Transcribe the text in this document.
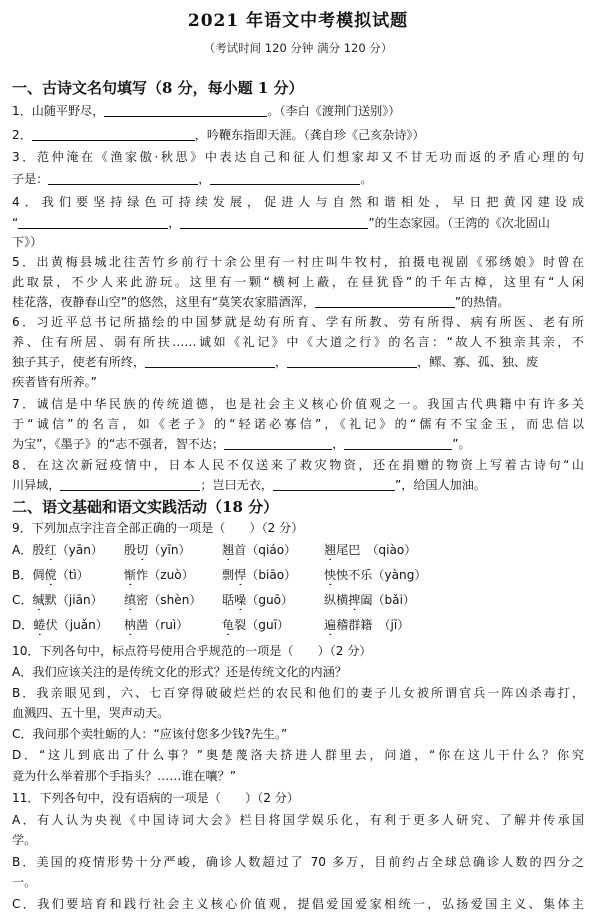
2021 年语文中考模拟试题
（考试时间 120 分钟 满分 120 分）
一、古诗文名句填写（8 分，每小题 1 分）
1．山随平野尽，	。（李白《渡荆门送别》）
2．	，吟鞭东指即天涯。（龚自珍《己亥杂诗》）
3．范仲淹在《渔家傲·秋思》中表达自己和征人们想家却又不甘无功而返的矛盾心理的句
子是：	，	。
4．我们要坚持绿色可持续发展，促进人与自然和谐相处，早日把黄冈建设成
“	，	”的生态家园。（王湾的《次北固山
下》）
5．出黄梅县城北往苦竹乡前行十余公里有一村庄叫牛牧村，拍摄电视剧《邪绣娘》时曾在
此取景，不少人来此游玩。这里有一颗“横柯上蔽，在昼犹昏”的千年古樟，这里有“人闲
桂花落，夜静春山空”的悠然，这里有“莫笑农家腊酒浑，	”的热情。
6．习近平总书记所描绘的中国梦就是幼有所育、学有所教、劳有所得、病有所医、老有所
养、住有所居、弱有所扶……诚如《礼记》中《大道之行》的名言：“故人不独亲其亲，不
独子其子，使老有所终，	，	，鳏、寡、孤、独、废
疾者皆有所养。”
7．诚信是中华民族的传统道德，也是社会主义核心价值观之一。我国古代典籍中有许多关
于“诚信”的名言，如《老子》的“轻诺必寡信”，《礼记》的“儒有不宝金玉，而忠信以
为宝”，《墨子》的“志不强者，智不达；	，	”。
8．在这次新冠疫情中，日本人民不仅送来了救灾物资，还在捐赠的物资上写着古诗句“山
川异域，	；岂曰无衣，	”，给国人加油。
二、语文基础和语文实践活动（18 分）
9．下列加点字注音全部正确的一项是（　　）（2 分）
A．殷红（yān） 殷切（yīn）	翘首（qiáo） 翘尾巴　（qiào）
B．倜傥（tì）	惭怍（zuò） 剽悍（biāo） 怏怏不乐（yàng）
C．缄默（jiān） 缜密（shèn） 聒噪（guō）	纵横捭阖（bǎi）
D．蜷伏（juǎn） 枘凿（ruì）	龟裂（guī）	遍稽群籍　（jī）
10．下列各句中，标点符号使用合乎规范的一项是（　　）（2 分）
A．我们应该关注的是传统文化的形式？还是传统文化的内涵？
B．我亲眼见到，六、七百穿得破破烂烂的农民和他们的妻子儿女被所谓官兵一阵凶杀毒打，
血溅四、五十里，哭声动天。
C．我问那个卖牡蛎的人：“应该付您多少钱?先生。”
D．“这儿到底出了什么事？”奥楚蔑洛夫挤进人群里去，问道，“你在这儿干什么？你究
竟为什么举着那个手指头？……谁在嚷？”
11．下列各句中，没有语病的一项是（　　）（2 分）
A．有人认为央视《中国诗词大会》栏目将国学娱乐化，有利于更多人研究、了解并传承国
学。
B．美国的疫情形势十分严峻，确诊人数超过了 70 多万，目前约占全球总确诊人数的四分之
一。
C．我们要培育和践行社会主义核心价值观，提倡爱国爱家相统一，弘扬爱国主义、集体主
